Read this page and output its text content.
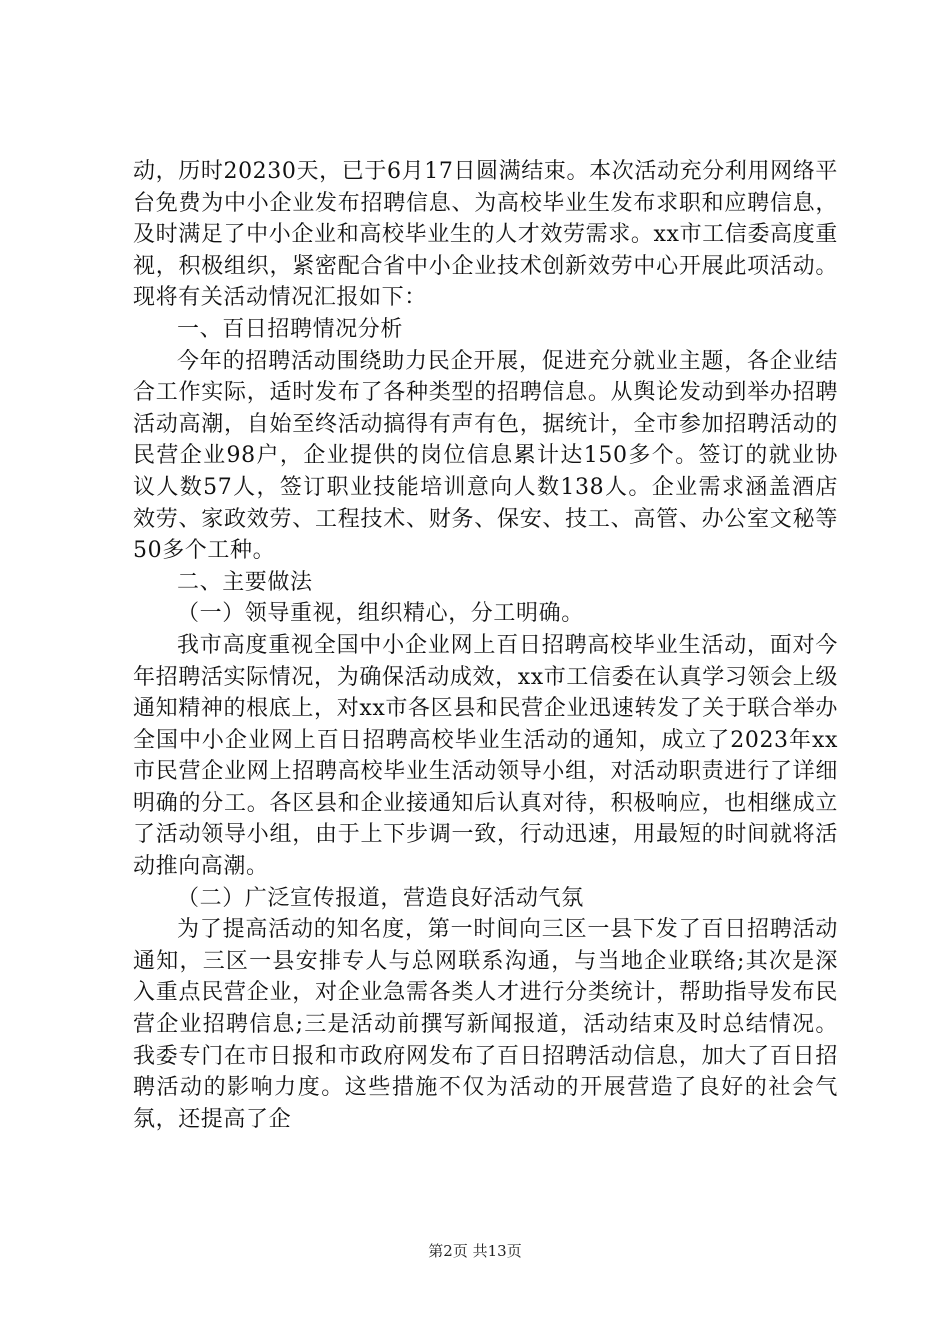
动，历时20230天，已于6月17日圆满结束。本次活动充分利用网络平台免费为中小企业发布招聘信息、为高校毕业生发布求职和应聘信息，及时满足了中小企业和高校毕业生的人才效劳需求。xx市工信委高度重视，积极组织，紧密配合省中小企业技术创新效劳中心开展此项活动。现将有关活动情况汇报如下：

一、百日招聘情况分析

今年的招聘活动围绕助力民企开展，促进充分就业主题，各企业结合工作实际，适时发布了各种类型的招聘信息。从舆论发动到举办招聘活动高潮，自始至终活动搞得有声有色，据统计，全市参加招聘活动的民营企业98户，企业提供的岗位信息累计达150多个。签订的就业协议人数57人，签订职业技能培训意向人数138人。企业需求涵盖酒店效劳、家政效劳、工程技术、财务、保安、技工、高管、办公室文秘等50多个工种。

二、主要做法

（一）领导重视，组织精心，分工明确。

我市高度重视全国中小企业网上百日招聘高校毕业生活动，面对今年招聘活实际情况，为确保活动成效，xx市工信委在认真学习领会上级通知精神的根底上，对xx市各区县和民营企业迅速转发了关于联合举办全国中小企业网上百日招聘高校毕业生活动的通知，成立了2023年xx市民营企业网上招聘高校毕业生活动领导小组，对活动职责进行了详细明确的分工。各区县和企业接通知后认真对待，积极响应，也相继成立了活动领导小组，由于上下步调一致，行动迅速，用最短的时间就将活动推向高潮。

（二）广泛宣传报道，营造良好活动气氛

为了提高活动的知名度，第一时间向三区一县下发了百日招聘活动通知，三区一县安排专人与总网联系沟通，与当地企业联络;其次是深入重点民营企业，对企业急需各类人才进行分类统计，帮助指导发布民营企业招聘信息;三是活动前撰写新闻报道，活动结束及时总结情况。我委专门在市日报和市政府网发布了百日招聘活动信息，加大了百日招聘活动的影响力度。这些措施不仅为活动的开展营造了良好的社会气氛，还提高了企

第2页 共13页
